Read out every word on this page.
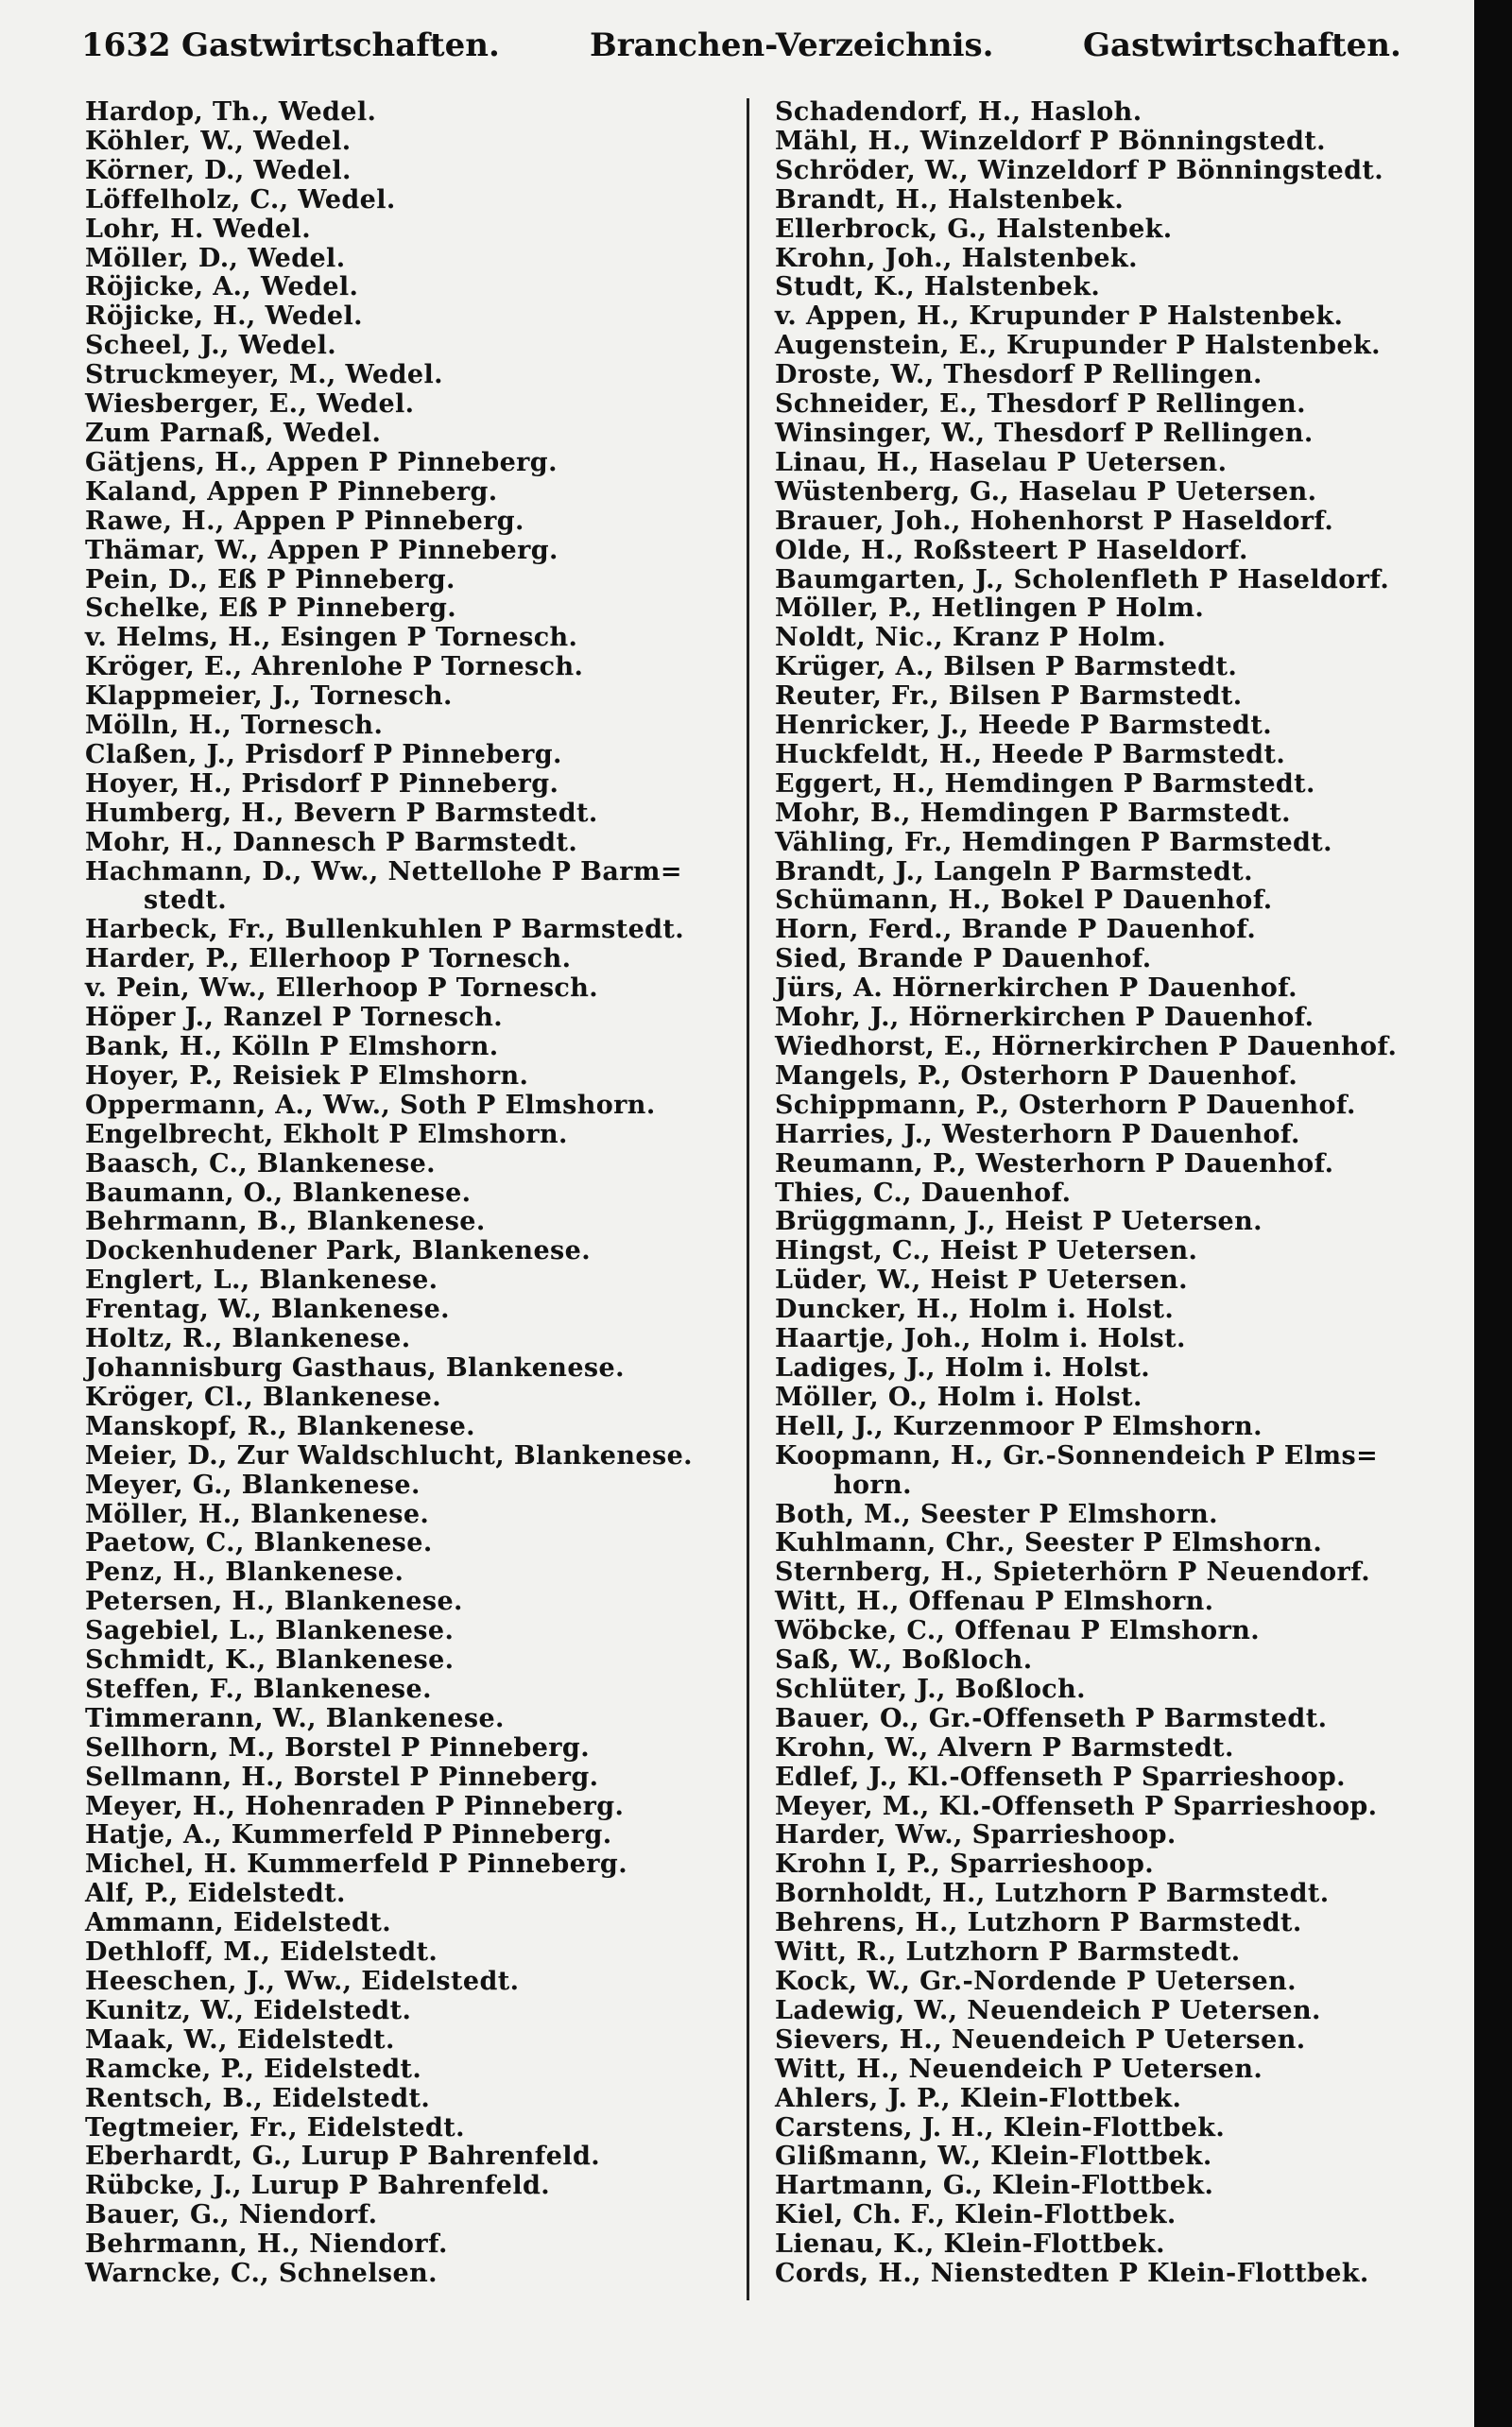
1632 Gastwirtschaften.	Branchen-Verzeichnis.	Gastwirtschaften.
Hardop, Th., Wedel.
Köhler, W., Wedel.
Körner, D., Wedel.
Löffelholz, C., Wedel.
Lohr, H. Wedel.
Möller, D., Wedel.
Röjicke, A., Wedel.
Röjicke, H., Wedel.
Scheel, J., Wedel.
Struckmeyer, M., Wedel.
Wiesberger, E., Wedel.
Zum Parnaß, Wedel.
Gätjens, H., Appen P Pinneberg.
Kaland, Appen P Pinneberg.
Rawe, H., Appen P Pinneberg.
Thämar, W., Appen P Pinneberg.
Pein, D., Eß P Pinneberg.
Schelke, Eß P Pinneberg.
v. Helms, H., Esingen P Tornesch.
Kröger, E., Ahrenlohe P Tornesch.
Klappmeier, J., Tornesch.
Mölln, H., Tornesch.
Claßen, J., Prisdorf P Pinneberg.
Hoyer, H., Prisdorf P Pinneberg.
Humberg, H., Bevern P Barmstedt.
Mohr, H., Dannesch P Barmstedt.
Hachmann, D., Ww., Nettellohe P Barm=
stedt.
Harbeck, Fr., Bullenkuhlen P Barmstedt.
Harder, P., Ellerhoop P Tornesch.
v. Pein, Ww., Ellerhoop P Tornesch.
Höper J., Ranzel P Tornesch.
Bank, H., Kölln P Elmshorn.
Hoyer, P., Reisiek P Elmshorn.
Oppermann, A., Ww., Soth P Elmshorn.
Engelbrecht, Ekholt P Elmshorn.
Baasch, C., Blankenese.
Baumann, O., Blankenese.
Behrmann, B., Blankenese.
Dockenhudener Park, Blankenese.
Englert, L., Blankenese.
Frentag, W., Blankenese.
Holtz, R., Blankenese.
Johannisburg Gasthaus, Blankenese.
Kröger, Cl., Blankenese.
Manskopf, R., Blankenese.
Meier, D., Zur Waldschlucht, Blankenese.
Meyer, G., Blankenese.
Möller, H., Blankenese.
Paetow, C., Blankenese.
Penz, H., Blankenese.
Petersen, H., Blankenese.
Sagebiel, L., Blankenese.
Schmidt, K., Blankenese.
Steffen, F., Blankenese.
Timmerann, W., Blankenese.
Sellhorn, M., Borstel P Pinneberg.
Sellmann, H., Borstel P Pinneberg.
Meyer, H., Hohenraden P Pinneberg.
Hatje, A., Kummerfeld P Pinneberg.
Michel, H. Kummerfeld P Pinneberg.
Alf, P., Eidelstedt.
Ammann, Eidelstedt.
Dethloff, M., Eidelstedt.
Heeschen, J., Ww., Eidelstedt.
Kunitz, W., Eidelstedt.
Maak, W., Eidelstedt.
Ramcke, P., Eidelstedt.
Rentsch, B., Eidelstedt.
Tegtmeier, Fr., Eidelstedt.
Eberhardt, G., Lurup P Bahrenfeld.
Rübcke, J., Lurup P Bahrenfeld.
Bauer, G., Niendorf.
Behrmann, H., Niendorf.
Warncke, C., Schnelsen.
Schadendorf, H., Hasloh.
Mähl, H., Winzeldorf P Bönningstedt.
Schröder, W., Winzeldorf P Bönningstedt.
Brandt, H., Halstenbek.
Ellerbrock, G., Halstenbek.
Krohn, Joh., Halstenbek.
Studt, K., Halstenbek.
v. Appen, H., Krupunder P Halstenbek.
Augenstein, E., Krupunder P Halstenbek.
Droste, W., Thesdorf P Rellingen.
Schneider, E., Thesdorf P Rellingen.
Winsinger, W., Thesdorf P Rellingen.
Linau, H., Haselau P Uetersen.
Wüstenberg, G., Haselau P Uetersen.
Brauer, Joh., Hohenhorst P Haseldorf.
Olde, H., Roßsteert P Haseldorf.
Baumgarten, J., Scholenfleth P Haseldorf.
Möller, P., Hetlingen P Holm.
Noldt, Nic., Kranz P Holm.
Krüger, A., Bilsen P Barmstedt.
Reuter, Fr., Bilsen P Barmstedt.
Henricker, J., Heede P Barmstedt.
Huckfeldt, H., Heede P Barmstedt.
Eggert, H., Hemdingen P Barmstedt.
Mohr, B., Hemdingen P Barmstedt.
Vähling, Fr., Hemdingen P Barmstedt.
Brandt, J., Langeln P Barmstedt.
Schümann, H., Bokel P Dauenhof.
Horn, Ferd., Brande P Dauenhof.
Sied, Brande P Dauenhof.
Jürs, A. Hörnerkirchen P Dauenhof.
Mohr, J., Hörnerkirchen P Dauenhof.
Wiedhorst, E., Hörnerkirchen P Dauenhof.
Mangels, P., Osterhorn P Dauenhof.
Schippmann, P., Osterhorn P Dauenhof.
Harries, J., Westerhorn P Dauenhof.
Reumann, P., Westerhorn P Dauenhof.
Thies, C., Dauenhof.
Brüggmann, J., Heist P Uetersen.
Hingst, C., Heist P Uetersen.
Lüder, W., Heist P Uetersen.
Duncker, H., Holm i. Holst.
Haartje, Joh., Holm i. Holst.
Ladiges, J., Holm i. Holst.
Möller, O., Holm i. Holst.
Hell, J., Kurzenmoor P Elmshorn.
Koopmann, H., Gr.-Sonnendeich P Elms=
horn.
Both, M., Seester P Elmshorn.
Kuhlmann, Chr., Seester P Elmshorn.
Sternberg, H., Spieterhörn P Neuendorf.
Witt, H., Offenau P Elmshorn.
Wöbcke, C., Offenau P Elmshorn.
Saß, W., Boßloch.
Schlüter, J., Boßloch.
Bauer, O., Gr.-Offenseth P Barmstedt.
Krohn, W., Alvern P Barmstedt.
Edlef, J., Kl.-Offenseth P Sparrieshoop.
Meyer, M., Kl.-Offenseth P Sparrieshoop.
Harder, Ww., Sparrieshoop.
Krohn I, P., Sparrieshoop.
Bornholdt, H., Lutzhorn P Barmstedt.
Behrens, H., Lutzhorn P Barmstedt.
Witt, R., Lutzhorn P Barmstedt.
Kock, W., Gr.-Nordende P Uetersen.
Ladewig, W., Neuendeich P Uetersen.
Sievers, H., Neuendeich P Uetersen.
Witt, H., Neuendeich P Uetersen.
Ahlers, J. P., Klein-Flottbek.
Carstens, J. H., Klein-Flottbek.
Glißmann, W., Klein-Flottbek.
Hartmann, G., Klein-Flottbek.
Kiel, Ch. F., Klein-Flottbek.
Lienau, K., Klein-Flottbek.
Cords, H., Nienstedten P Klein-Flottbek.
